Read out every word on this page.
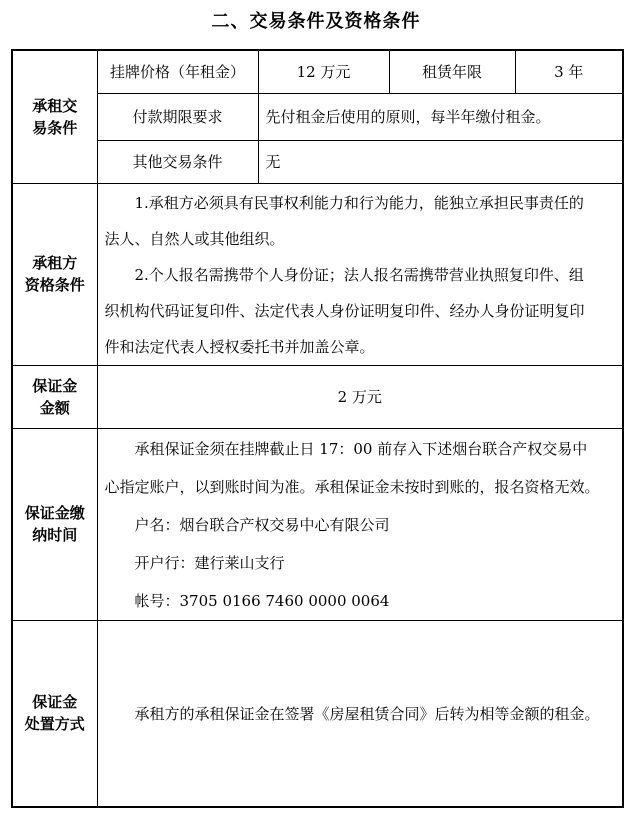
二、交易条件及资格条件
承租交
易条件	挂牌价格（年租金）	12 万元	租赁年限	3 年
	付款期限要求	先付租金后使用的原则，每半年缴付租金。		
	其他交易条件	无		

承租方
资格条件	1.承租方必须具有民事权利能力和行为能力，能独立承担民事责任的
法人、自然人或其他组织。
2.个人报名需携带个人身份证；法人报名需携带营业执照复印件、组
织机构代码证复印件、法定代表人身份证明复印件、经办人身份证明复印
件和法定代表人授权委托书并加盖公章。			

保证金
金额	2 万元			

保证金缴
纳时间	承租保证金须在挂牌截止日 17：00 前存入下述烟台联合产权交易中
心指定账户，以到账时间为准。承租保证金未按时到账的，报名资格无效。
户名：烟台联合产权交易中心有限公司
开户行：建行莱山支行
帐号：3705 0166 7460 0000 0064			

保证金
处置方式	承租方的承租保证金在签署《房屋租赁合同》后转为相等金额的租金。			
